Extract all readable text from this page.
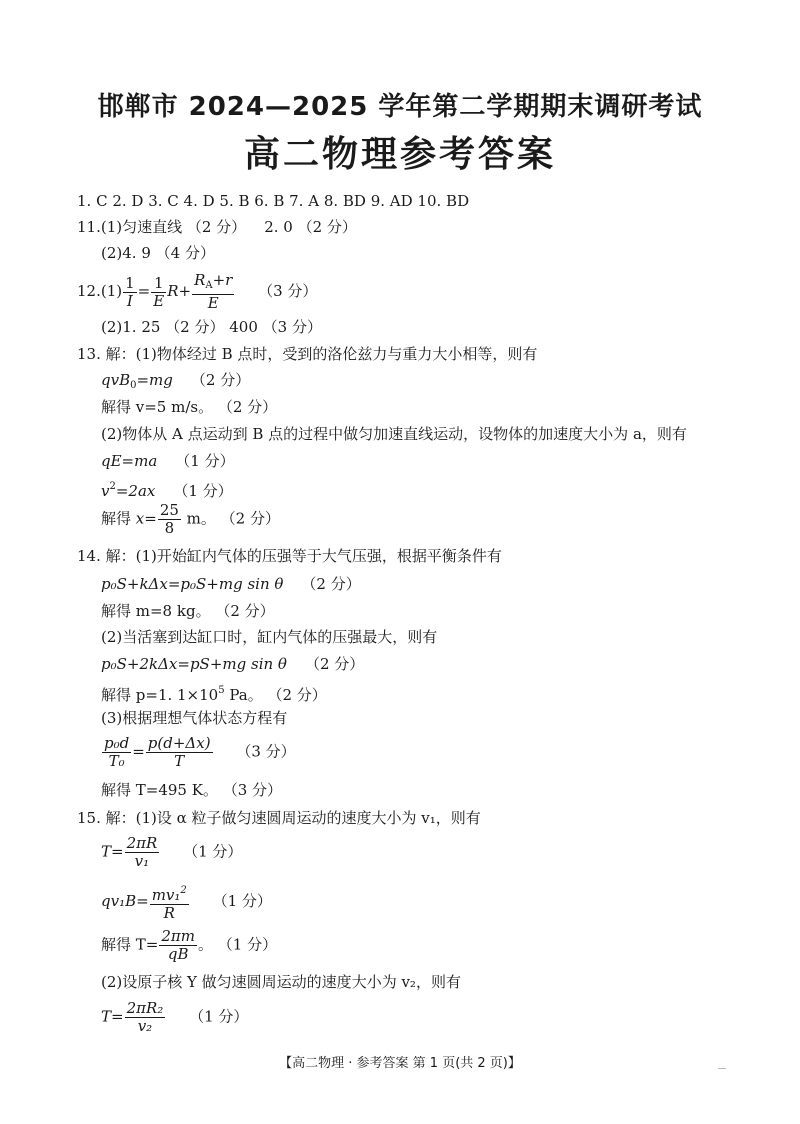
邯郸市 2024—2025 学年第二学期期末调研考试
高二物理参考答案
1. C 2. D 3. C 4. D 5. B 6. B 7. A 8. BD 9. AD 10. BD
11.(1)匀速直线 （2 分） 2. 0 （2 分）
(2)4. 9 （4 分）
$12.(1) \frac{1}{I} = \frac{1}{E} R+ \frac{R_A+r}{E} (3$ 分）
(2)1. 25 （2 分） 400 （3 分）
13. 解：(1)物体经过 B 点时，受到的洛伦兹力与重力大小相等，则有
qvB$_0$=mg （2 分）
解得 v=5 m/s。 （2 分）
(2)物体从 A 点运动到 B 点的过程中做匀加速直线运动，设物体的加速度大小为 a，则有
qE=ma （1 分）
$v^2=2ax$ （1 分）
解得 $x= \frac{25}{8}$ m。 （2 分）
14. 解：(1)开始缸内气体的压强等于大气压强，根据平衡条件有
p₀S+kΔx=p₀S+mg sin θ （2 分）
解得 m=8 kg。 （2 分）
(2)当活塞到达缸口时，缸内气体的压强最大，则有
p₀S+2kΔx=pS+mg sin θ （2 分）
解得 p=1. $1\times 10^5$ Pa。 （2 分）
(3)根据理想气体状态方程有
$\frac{\text{p₀d}}{\text{T₀}} = \frac{p(d+\Delta x)}{T} (3$ 分）
解得 T=495 K。 （3 分）
15. 解：(1)设 α 粒子做匀速圆周运动的速度大小为 v₁，则有
$T= \frac{2\pi R}{\text{v₁}} (1$ 分）
$qv_1B= \frac{mv_1^2}{R} (1$ 分）
解得 $T= \frac{2\pi m}{qB}$ 。 （1 分）
(2)设原子核 Y 做匀速圆周运动的速度大小为 v₂，则有
$T= \frac{\text{2πR₂}}{\text{v₂}} (1$ 分）
【高二物理 · 参考答案 第 1 页(共 2 页)】
